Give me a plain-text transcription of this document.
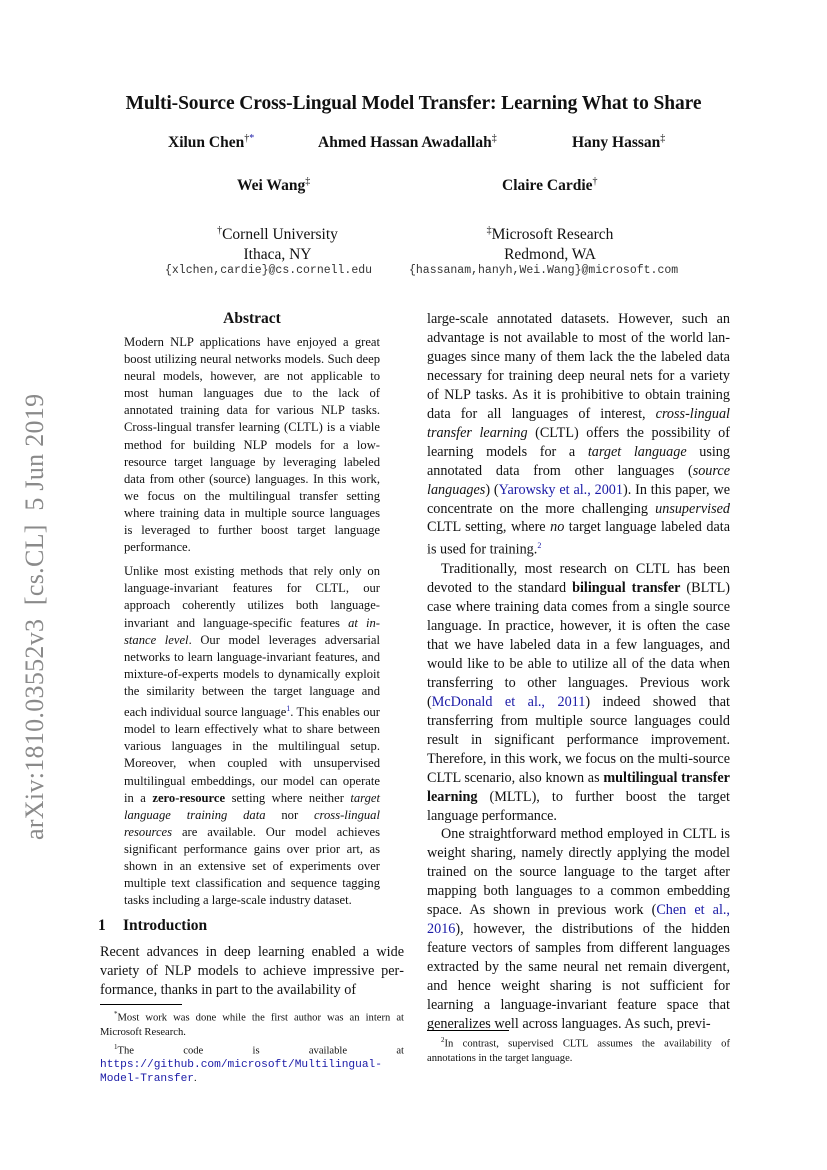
arXiv:1810.03552v3  [cs.CL]  5 Jun 2019
Multi-Source Cross-Lingual Model Transfer: Learning What to Share
Xilun Chen†*	Ahmed Hassan Awadallah‡	Hany Hassan‡
Wei Wang‡	Claire Cardie†
†Cornell University
Ithaca, NY
‡Microsoft Research
Redmond, WA
{xlchen,cardie}@cs.cornell.edu	{hassanam,hanyh,Wei.Wang}@microsoft.com
Abstract

Modern NLP applications have enjoyed a great boost utilizing neural networks models. Such deep neural models, however, are not applicable to most human languages due to the lack of annotated training data for various NLP tasks. Cross-lingual transfer learning (CLTL) is a viable method for building NLP models for a low-resource target language by leveraging labeled data from other (source) languages. In this work, we focus on the multilingual transfer setting where training data in multiple source languages is leveraged to further boost target language performance.

Unlike most existing methods that rely only on language-invariant features for CLTL, our approach coherently utilizes both language-invariant and language-specific features at instance level. Our model leverages adversarial networks to learn language-invariant features, and mixture-of-experts models to dynamically exploit the similarity between the target language and each individual source language$^1$. This enables our model to learn effectively what to share between various languages in the multilingual setup. Moreover, when coupled with unsupervised multilingual embeddings, our model can operate in a zero-resource setting where neither target language training data nor cross-lingual resources are available. Our model achieves significant performance gains over prior art, as shown in an extensive set of experiments over multiple text classification and sequence tagging tasks including a large-scale industry dataset.

1 Introduction

Recent advances in deep learning enabled a wide variety of NLP models to achieve impressive performance, thanks in part to the availability of

*Most work was done while the first author was an intern at Microsoft Research.

$^1$The code is available at https://github.com/microsoft/Multilingual-Model-Transfer.

large-scale annotated datasets. However, such an advantage is not available to most of the world languages since many of them lack the the labeled data necessary for training deep neural nets for a variety of NLP tasks. As it is prohibitive to obtain training data for all languages of interest, cross-lingual transfer learning (CLTL) offers the possibility of learning models for a target language using annotated data from other languages (source languages) (Yarowsky et al., 2001). In this paper, we concentrate on the more challenging unsupervised CLTL setting, where no target language labeled data is used for training.$^2$

Traditionally, most research on CLTL has been devoted to the standard bilingual transfer (BLTL) case where training data comes from a single source language. In practice, however, it is often the case that we have labeled data in a few languages, and would like to be able to utilize all of the data when transferring to other languages. Previous work (McDonald et al., 2011) indeed showed that transferring from multiple source languages could result in significant performance improvement. Therefore, in this work, we focus on the multi-source CLTL scenario, also known as multilingual transfer learning (MLTL), to further boost the target language performance.

One straightforward method employed in CLTL is weight sharing, namely directly applying the model trained on the source language to the target after mapping both languages to a common embedding space. As shown in previous work (Chen et al., 2016), however, the distributions of the hidden feature vectors of samples from different languages extracted by the same neural net remain divergent, and hence weight sharing is not sufficient for learning a language-invariant feature space that generalizes well across languages. As such, previ-

$^2$In contrast, supervised CLTL assumes the availability of annotations in the target language.
